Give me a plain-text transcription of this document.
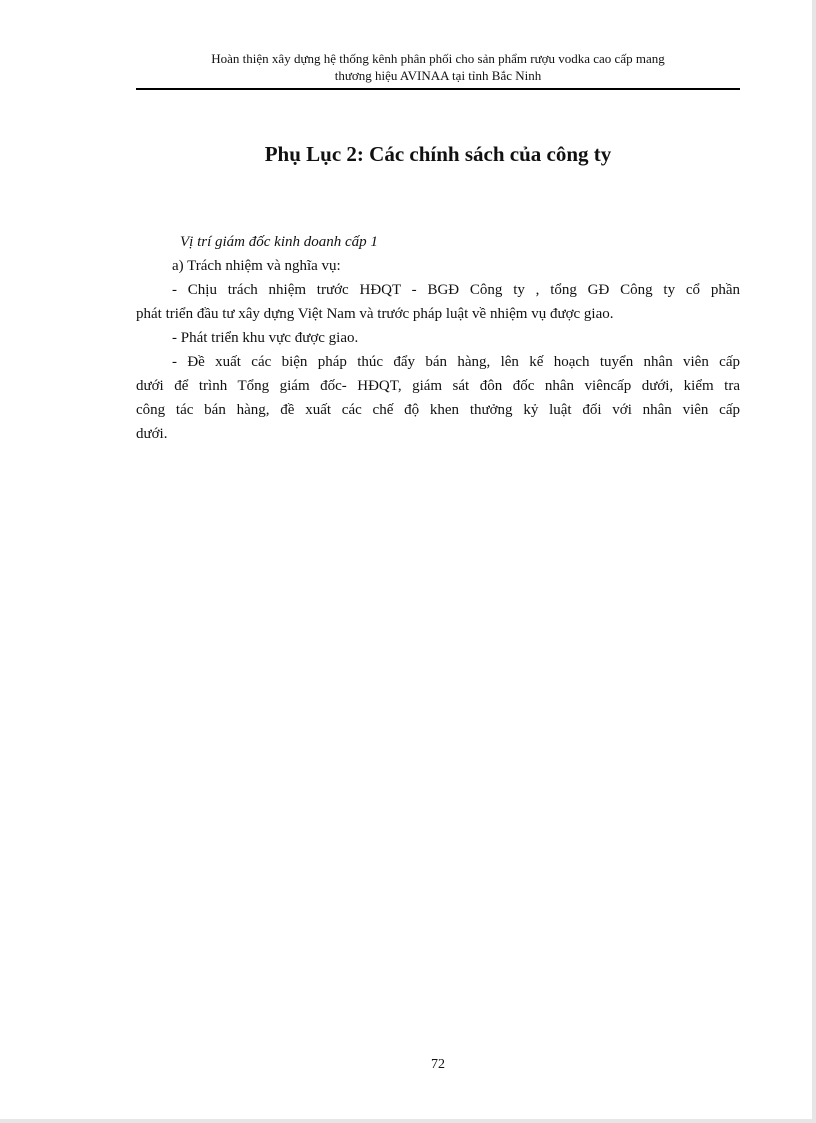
Hoàn thiện xây dựng hệ thống kênh phân phối cho sản phẩm rượu vodka cao cấp mang
thương hiệu AVINAA tại tỉnh Bắc Ninh
Phụ Lục 2: Các chính sách của công ty

Vị trí giám đốc kinh doanh cấp 1

a) Trách nhiệm và nghĩa vụ:

- Chịu trách nhiệm trước HĐQT - BGĐ Công ty , tổng GĐ Công ty cổ phần

phát triển đầu tư xây dựng Việt Nam và trước pháp luật về nhiệm vụ được giao.

- Phát triển khu vực được giao.

- Đề xuất các biện pháp thúc đẩy bán hàng, lên kế hoạch tuyển nhân viên cấp

dưới để trình Tổng giám đốc- HĐQT, giám sát đôn đốc nhân viêncấp dưới, kiểm tra

công tác bán hàng, đề xuất các chế độ khen thưởng kỷ luật đối với nhân viên cấp

dưới.

72
